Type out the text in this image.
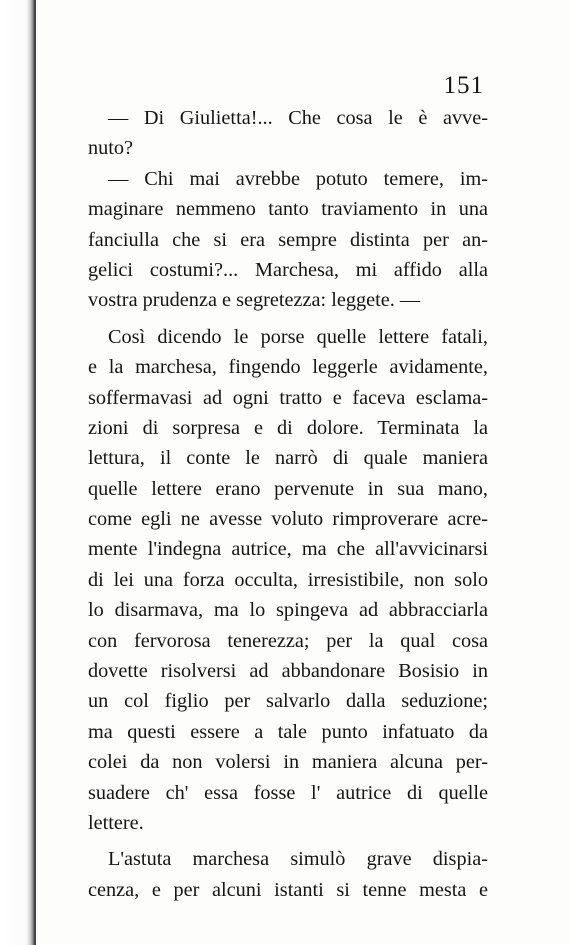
151
— Di Giulietta!... Che cosa le è avve-
nuto?
— Chi mai avrebbe potuto temere, im-
maginare nemmeno tanto traviamento in una
fanciulla che si era sempre distinta per an-
gelici costumi?... Marchesa, mi affido alla
vostra prudenza e segretezza: leggete. —
Così dicendo le porse quelle lettere fatali,
e la marchesa, fingendo leggerle avidamente,
soffermavasi ad ogni tratto e faceva esclama-
zioni di sorpresa e di dolore. Terminata la
lettura, il conte le narrò di quale maniera
quelle lettere erano pervenute in sua mano,
come egli ne avesse voluto rimproverare acre-
mente l'indegna autrice, ma che all'avvicinarsi
di lei una forza occulta, irresistibile, non solo
lo disarmava, ma lo spingeva ad abbracciarla
con fervorosa tenerezza; per la qual cosa
dovette risolversi ad abbandonare Bosisio in
un col figlio per salvarlo dalla seduzione;
ma questi essere a tale punto infatuato da
colei da non volersi in maniera alcuna per-
suadere ch' essa fosse l' autrice di quelle
lettere.
L'astuta marchesa simulò grave dispia-
cenza, e per alcuni istanti si tenne mesta e
